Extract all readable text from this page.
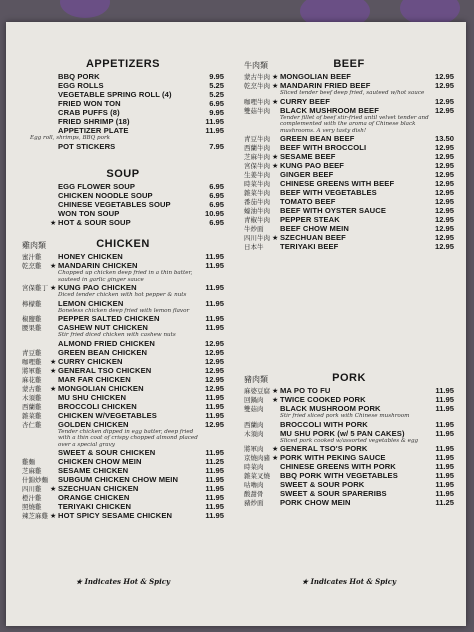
APPETIZERS
BBQ PORK	9.95
EGG ROLLS	5.25
VEGETABLE SPRING ROLL (4)	5.25
FRIED WON TON	6.95
CRAB PUFFS (8)	9.95
FRIED SHRIMP (18)	11.95
APPETIZER PLATE	11.95
Egg roll, shrimps, BBQ pork
POT STICKERS	7.95
SOUP
EGG FLOWER SOUP	6.95
CHICKEN NOODLE SOUP	6.95
CHINESE VEGETABLES SOUP	6.95
WON TON SOUP	10.95
★ HOT & SOUR SOUP	6.95
雞肉類	CHICKEN
蜜汁雞	HONEY CHICKEN	11.95
乾烹雞	★ MANDARIN CHICKEN	11.95
Chopped up chicken deep fried in a thin batter, sauteed in garlic ginger sauce
宮保雞丁 ★ KUNG PAO CHICKEN	11.95
Diced tender chicken with hot pepper & nuts
檸檬雞	LEMON CHICKEN	11.95
Boneless chicken deep fried with lemon flavor
椒鹽雞	PEPPER SALTED CHICKEN	11.95
腰果雞	CASHEW NUT CHICKEN	11.95
Stir fried diced chicken with cashew nuts
ALMOND FRIED CHICKEN	12.95
青豆雞	GREEN BEAN CHICKEN	12.95
咖哩雞	★ CURRY CHICKEN	12.95
將軍雞	★ GENERAL TSO CHICKEN	12.95
麻花雞	MAR FAR CHICKEN	12.95
蒙古雞	★ MONGOLIAN CHICKEN	12.95
木須雞	MU SHU CHICKEN	11.95
西蘭雞	BROCCOLI CHICKEN	11.95
雜菜雞	CHICKEN W/VEGETABLES	11.95
杏仁雞	GOLDEN CHICKEN	12.95
Tender chicken dipped in egg batter, deep fried with a thin coat of crispy chopped almond placed over a special gravy
SWEET & SOUR CHICKEN	11.95
雞麵	CHICKEN CHOW MEIN	11.25
芝麻雞	SESAME CHICKEN	11.95
什錦炒麵 SUBGUM CHICKEN CHOW MEIN	11.95
四川雞	★ SZECHUAN CHICKEN	11.95
橙汁雞	ORANGE CHICKEN	11.95
照燒雞	TERIYAKI CHICKEN	11.95
辣芝麻雞 ★ HOT SPICY SESAME CHICKEN	11.95
★ Indicates Hot & Spicy
牛肉類	BEEF
蒙古牛肉 ★ MONGOLIAN BEEF	12.95
乾烹牛肉 ★ MANDARIN FRIED BEEF	12.95
Sliced tender beef deep fried, sauteed w/hot sauce
咖哩牛肉 ★ CURRY BEEF	12.95
雙菇牛肉 BLACK MUSHROOM BEEF	12.95
Tender fillet of beef stir-fried until velvet tender and complemented with the aroma of Chinese black mushrooms. A very tasty dish!
青豆牛肉 GREEN BEAN BEEF	13.50
西蘭牛肉 BEEF WITH BROCCOLI	12.95
芝麻牛肉 ★ SESAME BEEF	12.95
宮保牛肉 ★ KUNG PAO BEEF	12.95
生姜牛肉 GINGER BEEF	12.95
時菜牛肉 CHINESE GREENS WITH BEEF	12.95
雜菜牛肉 BEEF WITH VEGETABLES	12.95
番茄牛肉 TOMATO BEEF	12.95
蠔油牛肉 BEEF WITH OYSTER SAUCE	12.95
青椒牛肉 PEPPER STEAK	12.95
牛炒面	BEEF CHOW MEIN	12.95
四川牛肉 ★ SZECHUAN BEEF	12.95
日本牛	TERIYAKI BEEF	12.95
豬肉類	PORK
麻婆豆腐 ★ MA PO TO FU	11.95
回鍋肉	★ TWICE COOKED PORK	11.95
雙菇肉	BLACK MUSHROOM PORK	11.95
Stir fried sliced pork with Chinese mushroom
西蘭肉	BROCCOLI WITH PORK	11.95
木須肉	MU SHU PORK (w/ 5 PAN CAKES)	11.95
Sliced pork cooked w/assorted vegetables & egg
將軍肉	★ GENERAL TSO'S PORK	11.95
京燒肉豬 ★ PORK WITH PEKING SAUCE	11.95
時菜肉	CHINESE GREENS WITH PORK	11.95
雜菜叉燒 BBQ PORK WITH VEGETABLES	11.95
咕嚕肉	SWEET & SOUR PORK	11.95
酸甜骨	SWEET & SOUR SPARERIBS	11.95
豬炒面	PORK CHOW MEIN	11.25
★ Indicates Hot & Spicy
